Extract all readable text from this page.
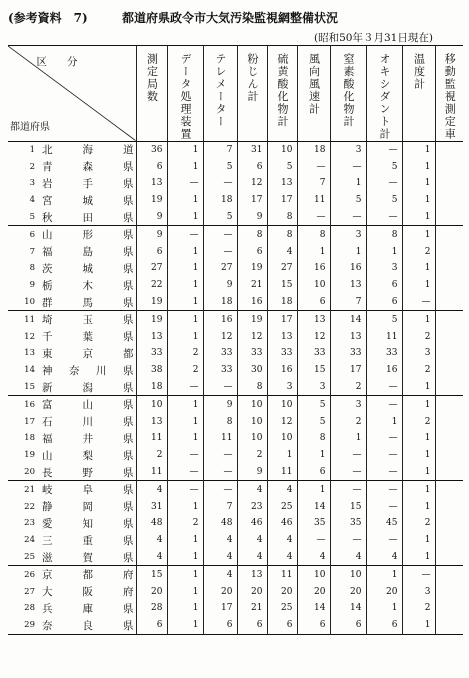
(参考資料　7)	都道府県政令市大気汚染監視網整備状況
(昭和50年３月31日現在)
区分
都道府県		測定局数	データ処理装置	テレメーター	粉じん計	硫黄酸化物計	風向風速計	窒素酸化物計	オキシダント計	温度計	移動監視測定車

1	北 海 道	36	1	7	31	10	18	3	—	1	
2	青 森 県	6	1	5	6	5	—	—	5	1	
3	岩 手 県	13	—	—	12	13	7	1	—	1	
4	宮 城 県	19	1	18	17	17	11	5	5	1	
5	秋 田 県	9	1	5	9	8	—	—	—	1	
6	山 形 県	9	—	—	8	8	8	3	8	1	
7	福 島 県	6	1	—	6	4	1	1	1	2	
8	茨 城 県	27	1	27	19	27	16	16	3	1	
9	栃 木 県	22	1	9	21	15	10	13	6	1	
10	群 馬 県	19	1	18	16	18	6	7	6	—	
11	埼 玉 県	19	1	16	19	17	13	14	5	1	
12	千 葉 県	13	1	12	12	13	12	13	11	2	
13	東 京 都	33	2	33	33	33	33	33	33	3	
14	神 奈 川 県	38	2	33	30	16	15	17	16	2	
15	新 潟 県	18	—	—	8	3	3	2	—	1	
16	富 山 県	10	1	9	10	10	5	3	—	1	
17	石 川 県	13	1	8	10	12	5	2	1	2	
18	福 井 県	11	1	11	10	10	8	1	—	1	
19	山 梨 県	2	—	—	2	1	1	—	—	1	
20	長 野 県	11	—	—	9	11	6	—	—	1	
21	岐 阜 県	4	—	—	4	4	1	—	—	1	
22	静 岡 県	31	1	7	23	25	14	15	—	1	
23	愛 知 県	48	2	48	46	46	35	35	45	2	
24	三 重 県	4	1	4	4	4	—	—	—	1	
25	滋 賀 県	4	1	4	4	4	4	4	4	1	
26	京 都 府	15	1	4	13	11	10	10	1	—	
27	大 阪 府	20	1	20	20	20	20	20	20	3	
28	兵 庫 県	28	1	17	21	25	14	14	1	2	
29	奈 良 県	6	1	6	6	6	6	6	6	1	
